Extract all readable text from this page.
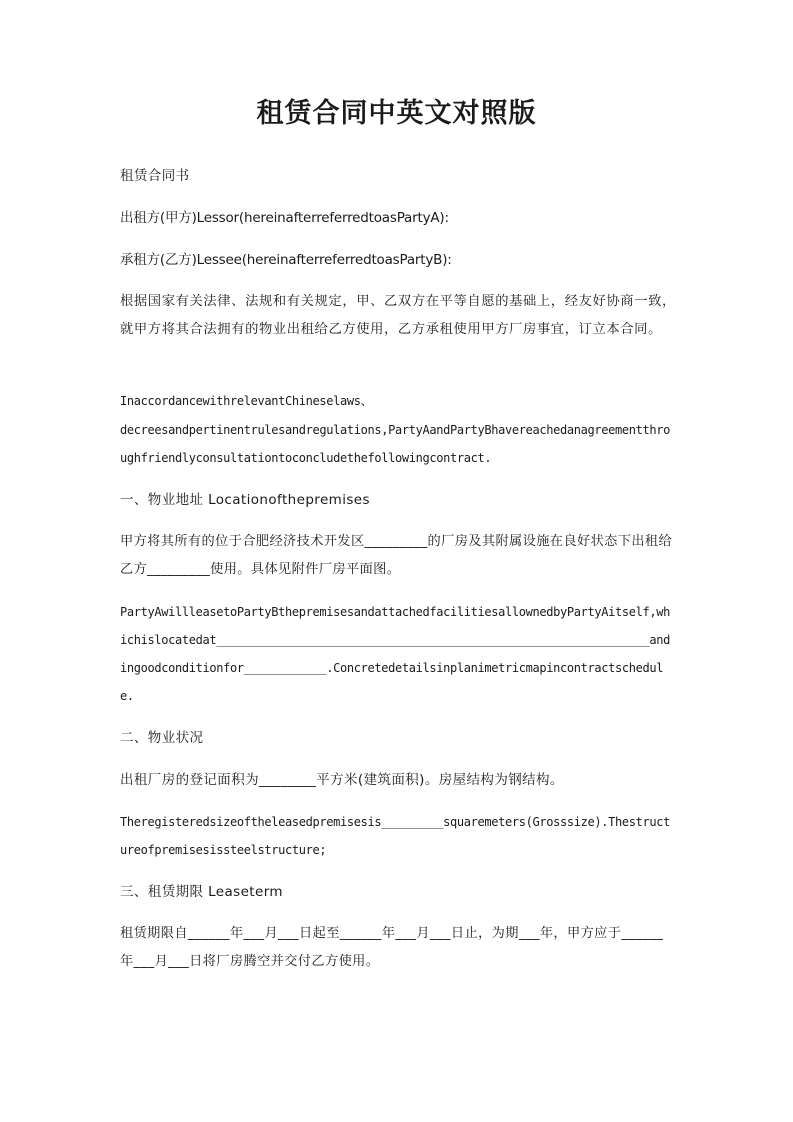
租赁合同中英文对照版
租赁合同书
出租方(甲方)Lessor(hereinafterreferredtoasPartyA):
承租方(乙方)Lessee(hereinafterreferredtoasPartyB):
根据国家有关法律、法规和有关规定，甲、乙双方在平等自愿的基础上，经友好协商一致，就甲方将其合法拥有的物业出租给乙方使用，乙方承租使用甲方厂房事宜，订立本合同。
InaccordancewithrelevantChineselaws、
decreesandpertinentrulesandregulations,PartyAandPartyBhavereachedanagreementthroughfriendlyconsultationtoconcludethefollowingcontract.
一、物业地址 Locationofthepremises
甲方将其所有的位于合肥经济技术开发区_________的厂房及其附属设施在良好状态下出租给乙方_________使用。具体见附件厂房平面图。
PartyAwillleasetoPartyBthepremisesandattachedfacilitiesallownedbyPartyAitself,whichislocatedat_______________________________________________________________andingoodconditionfor____________.Concretedetailsinplanimetricmapincontractschedule.
二、物业状况
出租厂房的登记面积为________平方米(建筑面积)。房屋结构为钢结构。
Theregisteredsizeoftheleasedpremisesis_________squaremeters(Grosssize).Thestructureofpremisesissteelstructure;
三、租赁期限 Leaseterm
租赁期限自______年___月___日起至______年___月___日止，为期___年，甲方应于______年___月___日将厂房腾空并交付乙方使用。
